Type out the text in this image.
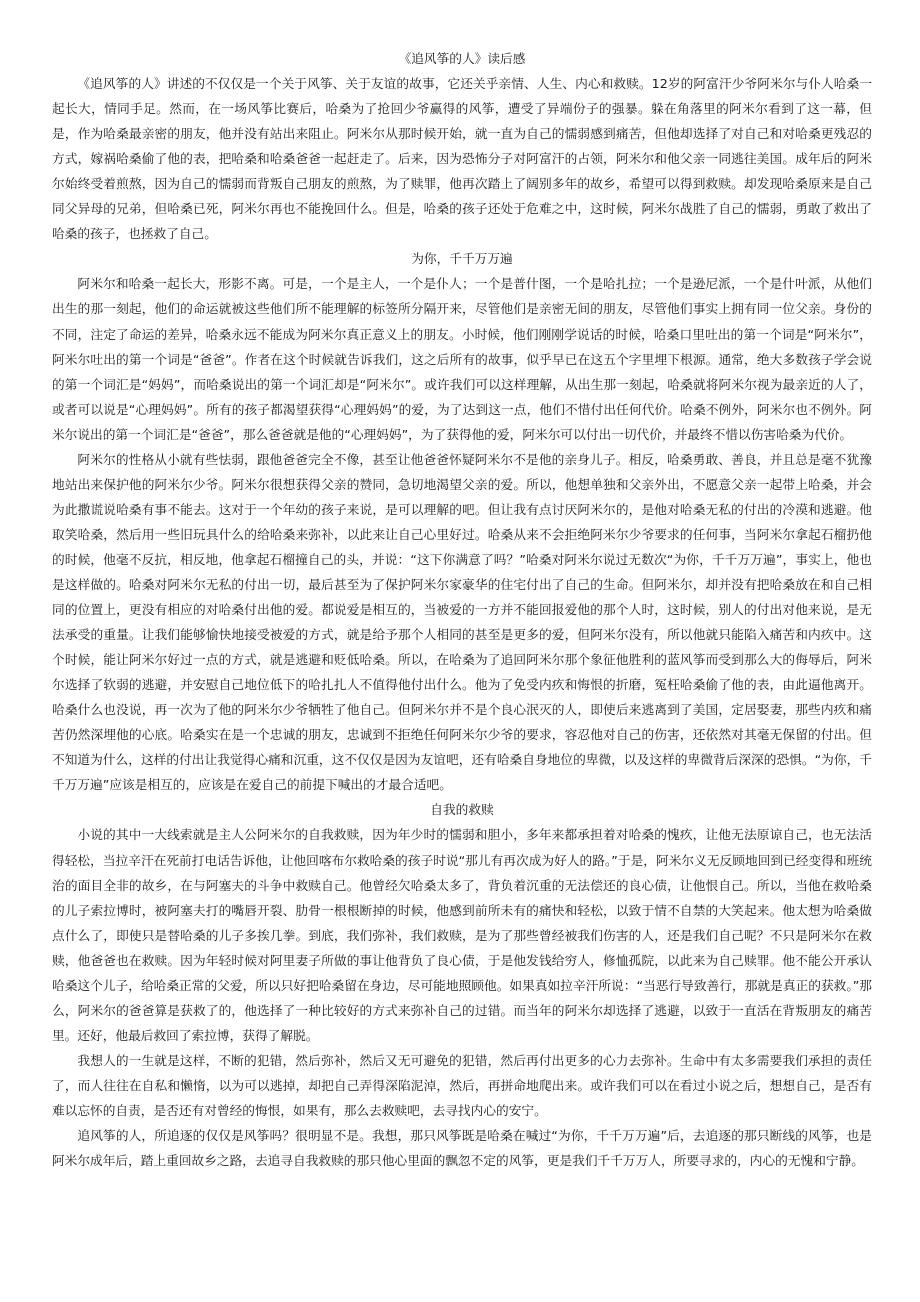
《追风筝的人》读后感

《追风筝的人》讲述的不仅仅是一个关于风筝、关于友谊的故事，它还关乎亲情、人生、内心和救赎。12岁的阿富汗少爷阿米尔与仆人哈桑一起长大，情同手足。然而，在一场风筝比赛后，哈桑为了抢回少爷赢得的风筝，遭受了异端份子的强暴。躲在角落里的阿米尔看到了这一幕，但是，作为哈桑最亲密的朋友，他并没有站出来阻止。阿米尔从那时候开始，就一直为自己的懦弱感到痛苦，但他却选择了对自己和对哈桑更残忍的方式，嫁祸哈桑偷了他的表，把哈桑和哈桑爸爸一起赶走了。后来，因为恐怖分子对阿富汗的占领，阿米尔和他父亲一同逃往美国。成年后的阿米尔始终受着煎熬，因为自己的懦弱而背叛自己朋友的煎熬，为了赎罪，他再次踏上了阔别多年的故乡，希望可以得到救赎。却发现哈桑原来是自己同父异母的兄弟，但哈桑已死，阿米尔再也不能挽回什么。但是，哈桑的孩子还处于危难之中，这时候，阿米尔战胜了自己的懦弱，勇敢了救出了哈桑的孩子，也拯救了自己。

为你，千千万万遍

阿米尔和哈桑一起长大，形影不离。可是，一个是主人，一个是仆人；一个是普什图，一个是哈扎拉；一个是逊尼派，一个是什叶派，从他们出生的那一刻起，他们的命运就被这些他们所不能理解的标签所分隔开来，尽管他们是亲密无间的朋友，尽管他们事实上拥有同一位父亲。身份的不同，注定了命运的差异，哈桑永远不能成为阿米尔真正意义上的朋友。小时候，他们刚刚学说话的时候，哈桑口里吐出的第一个词是“阿米尔”，阿米尔吐出的第一个词是“爸爸”。作者在这个时候就告诉我们，这之后所有的故事，似乎早已在这五个字里埋下根源。通常，绝大多数孩子学会说的第一个词汇是“妈妈”，而哈桑说出的第一个词汇却是“阿米尔”。或许我们可以这样理解，从出生那一刻起，哈桑就将阿米尔视为最亲近的人了，或者可以说是“心理妈妈”。所有的孩子都渴望获得“心理妈妈”的爱，为了达到这一点，他们不惜付出任何代价。哈桑不例外，阿米尔也不例外。阿米尔说出的第一个词汇是“爸爸”，那么爸爸就是他的“心理妈妈”，为了获得他的爱，阿米尔可以付出一切代价，并最终不惜以伤害哈桑为代价。

阿米尔的性格从小就有些怯弱，跟他爸爸完全不像，甚至让他爸爸怀疑阿米尔不是他的亲身儿子。相反，哈桑勇敢、善良，并且总是毫不犹豫地站出来保护他的阿米尔少爷。阿米尔很想获得父亲的赞同，急切地渴望父亲的爱。所以，他想单独和父亲外出，不愿意父亲一起带上哈桑，并会为此撒谎说哈桑有事不能去。这对于一个年幼的孩子来说，是可以理解的吧。但让我有点讨厌阿米尔的，是他对哈桑无私的付出的冷漠和逃避。他取笑哈桑，然后用一些旧玩具什么的给哈桑来弥补，以此来让自己心里好过。哈桑从来不会拒绝阿米尔少爷要求的任何事，当阿米尔拿起石榴扔他的时候，他毫不反抗，相反地，他拿起石榴撞自己的头，并说：“这下你满意了吗？”哈桑对阿米尔说过无数次“为你，千千万万遍”，事实上，他也是这样做的。哈桑对阿米尔无私的付出一切，最后甚至为了保护阿米尔家豪华的住宅付出了自己的生命。但阿米尔，却并没有把哈桑放在和自己相同的位置上，更没有相应的对哈桑付出他的爱。都说爱是相互的，当被爱的一方并不能回报爱他的那个人时，这时候，别人的付出对他来说，是无法承受的重量。让我们能够愉快地接受被爱的方式，就是给予那个人相同的甚至是更多的爱，但阿米尔没有，所以他就只能陷入痛苦和内疚中。这个时候，能让阿米尔好过一点的方式，就是逃避和贬低哈桑。所以，在哈桑为了追回阿米尔那个象征他胜利的蓝风筝而受到那么大的侮辱后，阿米尔选择了软弱的逃避，并安慰自己地位低下的哈扎扎人不值得他付出什么。他为了免受内疚和悔恨的折磨，冤枉哈桑偷了他的表，由此逼他离开。哈桑什么也没说，再一次为了他的阿米尔少爷牺牲了他自己。但阿米尔并不是个良心泯灭的人，即使后来逃离到了美国，定居娶妻，那些内疚和痛苦仍然深埋他的心底。哈桑实在是一个忠诚的朋友，忠诚到不拒绝任何阿米尔少爷的要求，容忍他对自己的伤害，还依然对其毫无保留的付出。但不知道为什么，这样的付出让我觉得心痛和沉重，这不仅仅是因为友谊吧，还有哈桑自身地位的卑微，以及这样的卑微背后深深的恐惧。“为你，千千万万遍”应该是相互的，应该是在爱自己的前提下喊出的才最合适吧。

自我的救赎

小说的其中一大线索就是主人公阿米尔的自我救赎，因为年少时的懦弱和胆小，多年来都承担着对哈桑的愧疚，让他无法原谅自己，也无法活得轻松，当拉辛汗在死前打电话告诉他，让他回喀布尔救哈桑的孩子时说“那儿有再次成为好人的路。”于是，阿米尔义无反顾地回到已经变得和班统治的面目全非的故乡，在与阿塞夫的斗争中救赎自己。他曾经欠哈桑太多了，背负着沉重的无法偿还的良心债，让他恨自己。所以，当他在救哈桑的儿子索拉博时，被阿塞夫打的嘴唇开裂、肋骨一根根断掉的时候，他感到前所未有的痛快和轻松，以致于情不自禁的大笑起来。他太想为哈桑做点什么了，即使只是替哈桑的儿子多挨几拳。到底，我们弥补，我们救赎，是为了那些曾经被我们伤害的人，还是我们自己呢？不只是阿米尔在救赎，他爸爸也在救赎。因为年轻时候对阿里妻子所做的事让他背负了良心债，于是他发钱给穷人，修恤孤院，以此来为自己赎罪。他不能公开承认哈桑这个儿子，给哈桑正常的父爱，所以只好把哈桑留在身边，尽可能地照顾他。如果真如拉辛汗所说：“当恶行导致善行，那就是真正的获救。”那么，阿米尔的爸爸算是获救了的，他选择了一种比较好的方式来弥补自己的过错。而当年的阿米尔却选择了逃避，以致于一直活在背叛朋友的痛苦里。还好，他最后救回了索拉博，获得了解脱。

我想人的一生就是这样，不断的犯错，然后弥补，然后又无可避免的犯错，然后再付出更多的心力去弥补。生命中有太多需要我们承担的责任了，而人往往在自私和懒惰，以为可以逃掉，却把自己弄得深陷泥淖，然后，再拼命地爬出来。或许我们可以在看过小说之后，想想自己，是否有难以忘怀的自责，是否还有对曾经的悔恨，如果有，那么去救赎吧，去寻找内心的安宁。

追风筝的人，所追逐的仅仅是风筝吗？很明显不是。我想，那只风筝既是哈桑在喊过“为你，千千万万遍”后，去追逐的那只断线的风筝，也是阿米尔成年后，踏上重回故乡之路，去追寻自我救赎的那只他心里面的飘忽不定的风筝，更是我们千千万万人，所要寻求的，内心的无愧和宁静。
